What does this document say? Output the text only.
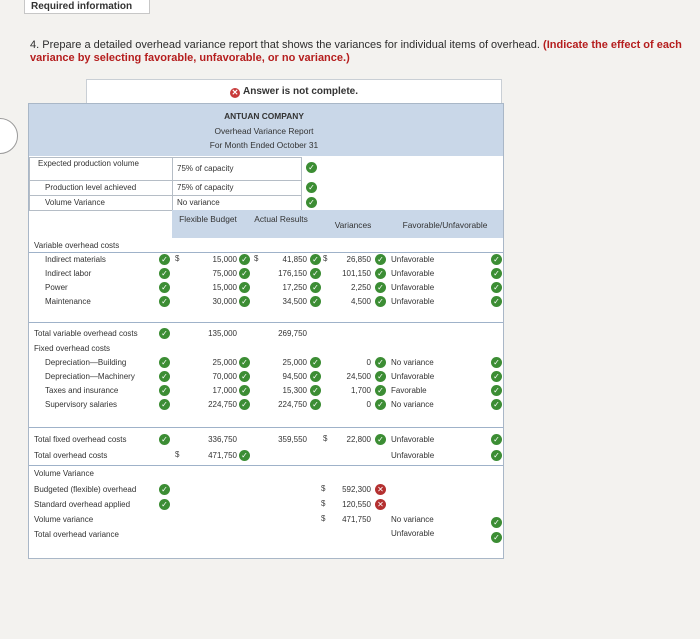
Required information
4. Prepare a detailed overhead variance report that shows the variances for individual items of overhead. (Indicate the effect of each variance by selecting favorable, unfavorable, or no variance.)
✕ Answer is not complete.
ANTUAN COMPANY
Overhead Variance Report
For Month Ended October 31
Expected production volume
75% of capacity	✓
Production level achieved	75% of capacity	✓
Volume Variance	No variance	✓
Flexible Budget	Actual Results
Variances	Favorable/Unfavorable
Variable overhead costs
Indirect materials	✓ $	15,000 ✓ $	41,850 ✓ $	26,850 ✓ Unfavorable	✓
Indirect labor	✓	75,000 ✓	176,150 ✓	101,150 ✓ Unfavorable	✓
Power	✓	15,000 ✓	17,250 ✓	2,250 ✓ Unfavorable	✓
Maintenance	✓	30,000 ✓	34,500 ✓	4,500 ✓ Unfavorable	✓
Total variable overhead costs	✓	135,000	269,750
Fixed overhead costs
Depreciation—Building	✓	25,000 ✓	25,000 ✓	0 ✓ No variance	✓
Depreciation—Machinery	✓	70,000 ✓	94,500 ✓	24,500 ✓ Unfavorable	✓
Taxes and insurance	✓	17,000 ✓	15,300 ✓	1,700 ✓ Favorable	✓
Supervisory salaries	✓	224,750 ✓	224,750 ✓	0 ✓ No variance	✓
Total fixed overhead costs	✓	336,750	359,550 $	22,800 ✓ Unfavorable	✓
Total overhead costs	$	471,750 ✓	Unfavorable	✓
Volume Variance
Budgeted (flexible) overhead	✓	$	592,300 ✕
Standard overhead applied	✓	$	120,550 ✕
Volume variance	$	471,750	No variance	✓
Total overhead variance	Unfavorable	✓
